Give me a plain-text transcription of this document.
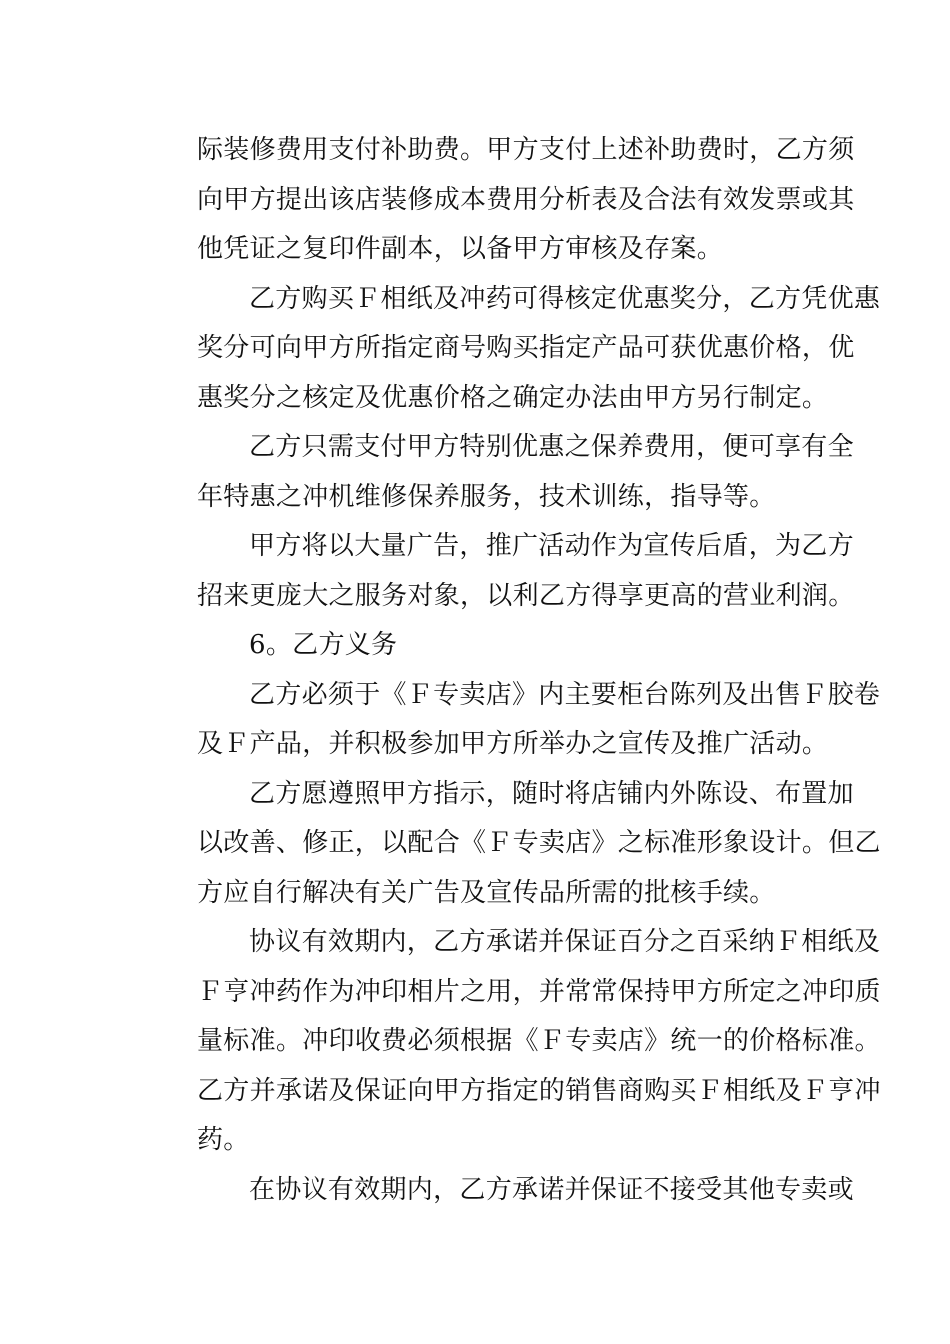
际装修费用支付补助费。甲方支付上述补助费时，乙方须
向甲方提出该店装修成本费用分析表及合法有效发票或其
他凭证之复印件副本，以备甲方审核及存案。
乙方购买Ｆ相纸及冲药可得核定优惠奖分，乙方凭优惠
奖分可向甲方所指定商号购买指定产品可获优惠价格，优
惠奖分之核定及优惠价格之确定办法由甲方另行制定。
乙方只需支付甲方特别优惠之保养费用，便可享有全
年特惠之冲机维修保养服务，技术训练，指导等。
甲方将以大量广告，推广活动作为宣传后盾，为乙方
招来更庞大之服务对象，以利乙方得享更高的营业利润。
6。乙方义务
乙方必须于《Ｆ专卖店》内主要柜台陈列及出售Ｆ胶卷
及Ｆ产品，并积极参加甲方所举办之宣传及推广活动。
乙方愿遵照甲方指示，随时将店铺内外陈设、布置加
以改善、修正，以配合《Ｆ专卖店》之标准形象设计。但乙
方应自行解决有关广告及宣传品所需的批核手续。
协议有效期内，乙方承诺并保证百分之百采纳Ｆ相纸及
Ｆ亨冲药作为冲印相片之用，并常常保持甲方所定之冲印质
量标准。冲印收费必须根据《Ｆ专卖店》统一的价格标准。
乙方并承诺及保证向甲方指定的销售商购买Ｆ相纸及Ｆ亨冲
药。
在协议有效期内，乙方承诺并保证不接受其他专卖或
